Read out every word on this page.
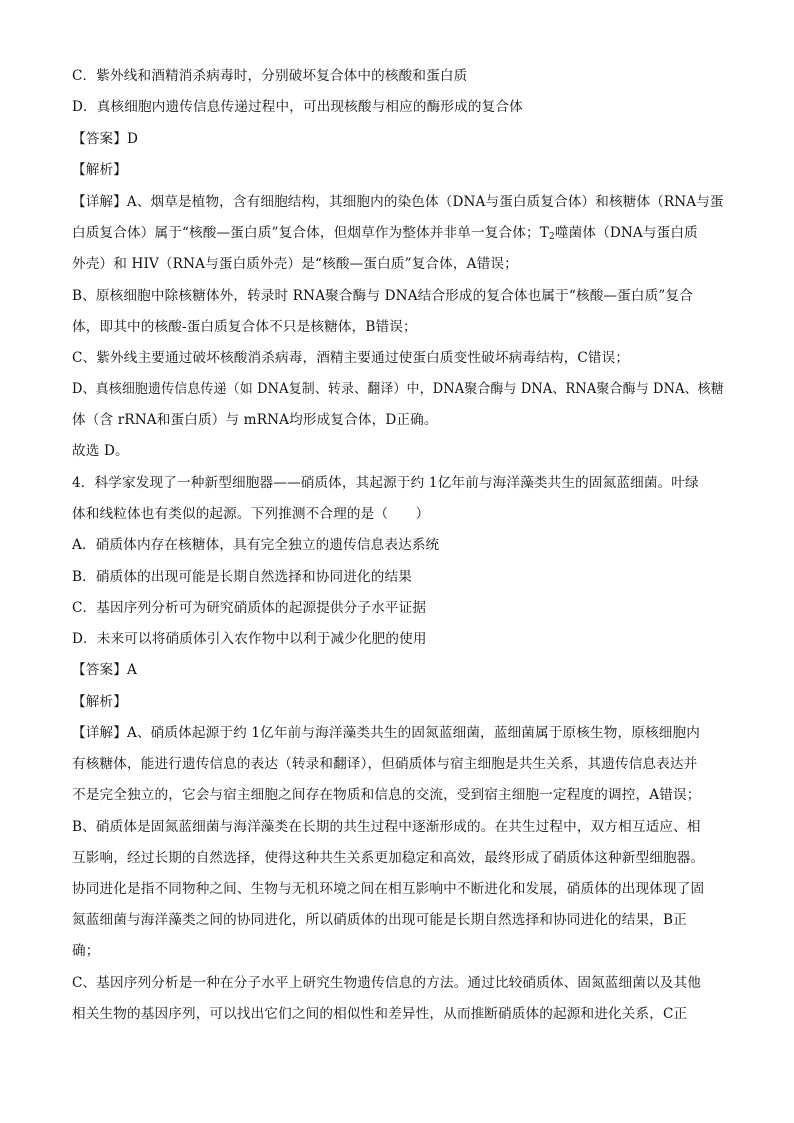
C．紫外线和酒精消杀病毒时，分别破坏复合体中的核酸和蛋白质
D．真核细胞内遗传信息传递过程中，可出现核酸与相应的酶形成的复合体
【答案】D
【解析】
【详解】A、烟草是植物，含有细胞结构，其细胞内的染色体（DNA与蛋白质复合体）和核糖体（RNA与蛋
白质复合体）属于“核酸—蛋白质”复合体，但烟草作为整体并非单一复合体；$T_2$噬菌体（DNA与蛋白质
外壳）和 HIV（RNA与蛋白质外壳）是“核酸—蛋白质”复合体，A错误；
B、原核细胞中除核糖体外，转录时 RNA聚合酶与 DNA结合形成的复合体也属于“核酸—蛋白质”复合
体，即其中的核酸-蛋白质复合体不只是核糖体，B错误；
C、紫外线主要通过破坏核酸消杀病毒，酒精主要通过使蛋白质变性破坏病毒结构，C错误；
D、真核细胞遗传信息传递（如 DNA复制、转录、翻译）中，DNA聚合酶与 DNA、RNA聚合酶与 DNA、核糖
体（含 rRNA和蛋白质）与 mRNA均形成复合体，D正确。
故选 D。
4．科学家发现了一种新型细胞器——硝质体，其起源于约 1亿年前与海洋藻类共生的固氮蓝细菌。叶绿
体和线粒体也有类似的起源。下列推测不合理的是（　　）
A．硝质体内存在核糖体，具有完全独立的遗传信息表达系统
B．硝质体的出现可能是长期自然选择和协同进化的结果
C．基因序列分析可为研究硝质体的起源提供分子水平证据
D．未来可以将硝质体引入农作物中以利于减少化肥的使用
【答案】A
【解析】
【详解】A、硝质体起源于约 1亿年前与海洋藻类共生的固氮蓝细菌，蓝细菌属于原核生物，原核细胞内
有核糖体，能进行遗传信息的表达（转录和翻译），但硝质体与宿主细胞是共生关系，其遗传信息表达并
不是完全独立的，它会与宿主细胞之间存在物质和信息的交流，受到宿主细胞一定程度的调控，A错误；
B、硝质体是固氮蓝细菌与海洋藻类在长期的共生过程中逐渐形成的。在共生过程中，双方相互适应、相
互影响，经过长期的自然选择，使得这种共生关系更加稳定和高效，最终形成了硝质体这种新型细胞器。
协同进化是指不同物种之间、生物与无机环境之间在相互影响中不断进化和发展，硝质体的出现体现了固
氮蓝细菌与海洋藻类之间的协同进化，所以硝质体的出现可能是长期自然选择和协同进化的结果，B正
确；
C、基因序列分析是一种在分子水平上研究生物遗传信息的方法。通过比较硝质体、固氮蓝细菌以及其他
相关生物的基因序列，可以找出它们之间的相似性和差异性，从而推断硝质体的起源和进化关系，C正
